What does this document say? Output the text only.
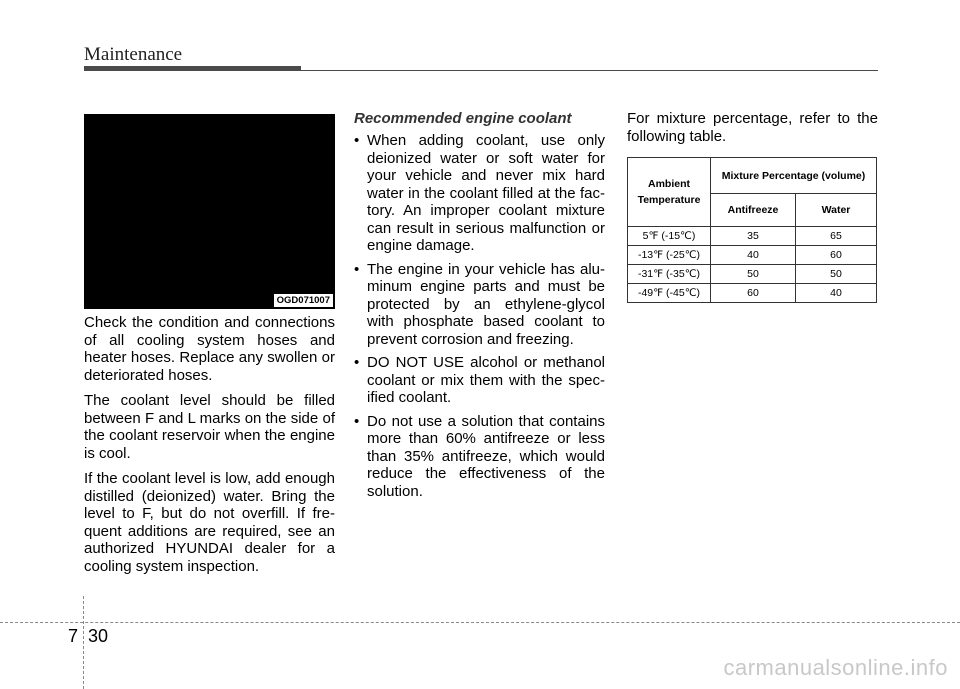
Maintenance
OGD071007

Check the condition and connections of all cooling system hoses and heater hoses. Replace any swollen or deteriorated hoses.

The coolant level should be filled between F and L marks on the side of the coolant reservoir when the engine is cool.

If the coolant level is low, add enough distilled (deionized) water. Bring the level to F, but do not overfill. If fre-quent additions are required, see an authorized HYUNDAI dealer for a cooling system inspection.

Recommended engine coolant
• When adding coolant, use only deionized water or soft water for your vehicle and never mix hard water in the coolant filled at the fac-tory. An improper coolant mixture can result in serious malfunction or engine damage.
• The engine in your vehicle has alu-minum engine parts and must be protected by an ethylene-glycol with phosphate based coolant to prevent corrosion and freezing.
• DO NOT USE alcohol or methanol coolant or mix them with the spec-ified coolant.
• Do not use a solution that contains more than 60% antifreeze or less than 35% antifreeze, which would reduce the effectiveness of the solution.
For mixture percentage, refer to the following table.
Ambient
Temperature	Mixture Percentage (volume)	
	Antifreeze	Water
5℉ (-15℃)	35	65
-13℉ (-25℃)	40	60
-31℉ (-35℃)	50	50
-49℉ (-45℃)	60	40
7 30
carmanualsonline.info
